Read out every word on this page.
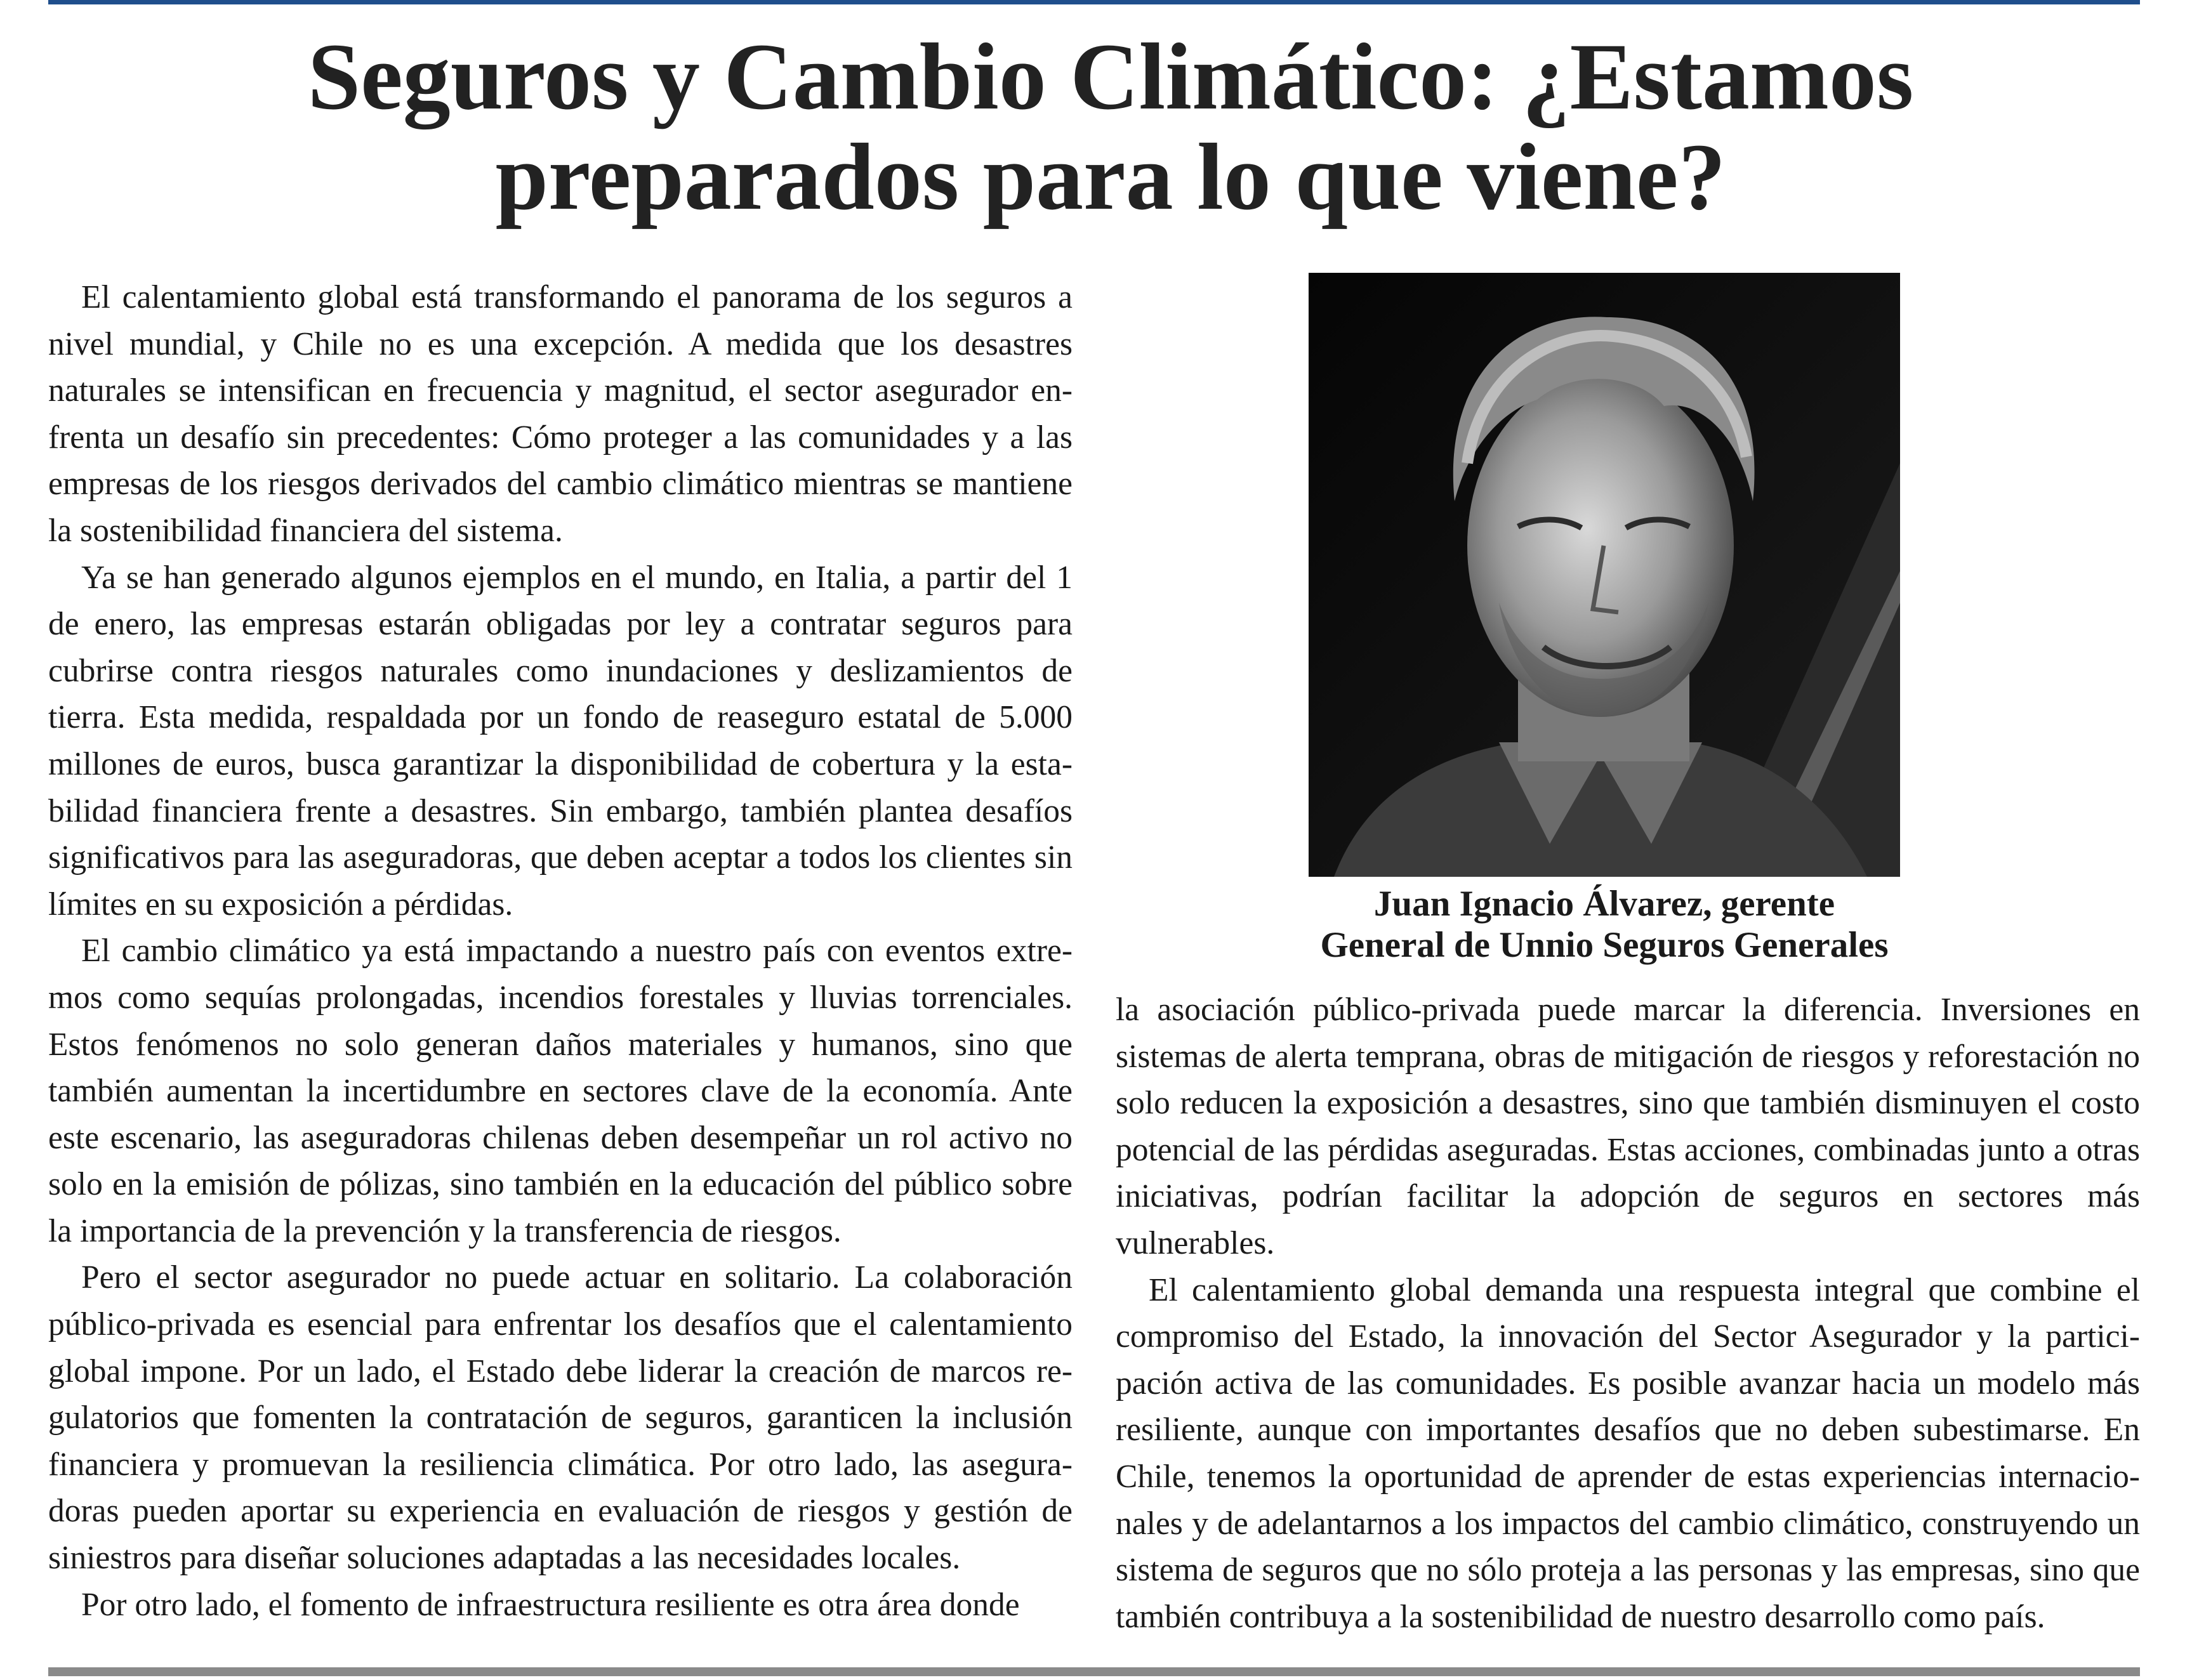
Seguros y Cambio Climático: ¿Estamos
preparados para lo que viene?

El calentamiento global está transformando el panorama de los seguros a nivel mundial, y Chile no es una excepción. A medida que los desastres naturales se intensifican en frecuencia y magnitud, el sector asegurador enfrenta un desafío sin precedentes: Cómo proteger a las comunidades y a las empresas de los riesgos derivados del cambio climático mientras se mantiene la sostenibilidad financiera del sistema.

Ya se han generado algunos ejemplos en el mundo, en Italia, a partir del 1 de enero, las empresas estarán obligadas por ley a contratar seguros para cubrirse contra riesgos naturales como inundaciones y deslizamientos de tierra. Esta medida, respaldada por un fondo de reaseguro estatal de 5.000 millones de euros, busca garantizar la disponibilidad de cobertura y la estabilidad financiera frente a desastres. Sin embargo, también plantea desafíos significativos para las aseguradoras, que deben aceptar a todos los clientes sin límites en su exposición a pérdidas.

El cambio climático ya está impactando a nuestro país con eventos extremos como sequías prolongadas, incendios forestales y lluvias torrenciales. Estos fenómenos no solo generan daños materiales y humanos, sino que también aumentan la incertidumbre en sectores clave de la economía. Ante este escenario, las aseguradoras chilenas deben desempeñar un rol activo no solo en la emisión de pólizas, sino también en la educación del público sobre la importancia de la prevención y la transferencia de riesgos.

Pero el sector asegurador no puede actuar en solitario. La colaboración público-privada es esencial para enfrentar los desafíos que el calentamiento global impone. Por un lado, el Estado debe liderar la creación de marcos regulatorios que fomenten la contratación de seguros, garanticen la inclusión financiera y promuevan la resiliencia climática. Por otro lado, las aseguradoras pueden aportar su experiencia en evaluación de riesgos y gestión de siniestros para diseñar soluciones adaptadas a las necesidades locales.

Por otro lado, el fomento de infraestructura resiliente es otra área donde

Juan Ignacio Álvarez, gerente
General de Unnio Seguros Generales

la asociación público-privada puede marcar la diferencia. Inversiones en sistemas de alerta temprana, obras de mitigación de riesgos y reforestación no solo reducen la exposición a desastres, sino que también disminuyen el costo potencial de las pérdidas aseguradas. Estas acciones, combinadas junto a otras iniciativas, podrían facilitar la adopción de seguros en sectores más vulnerables.

El calentamiento global demanda una respuesta integral que combine el compromiso del Estado, la innovación del Sector Asegurador y la participación activa de las comunidades. Es posible avanzar hacia un modelo más resiliente, aunque con importantes desafíos que no deben subestimarse. En Chile, tenemos la oportunidad de aprender de estas experiencias internacionales y de adelantarnos a los impactos del cambio climático, construyendo un sistema de seguros que no sólo proteja a las personas y las empresas, sino que también contribuya a la sostenibilidad de nuestro desarrollo como país.
